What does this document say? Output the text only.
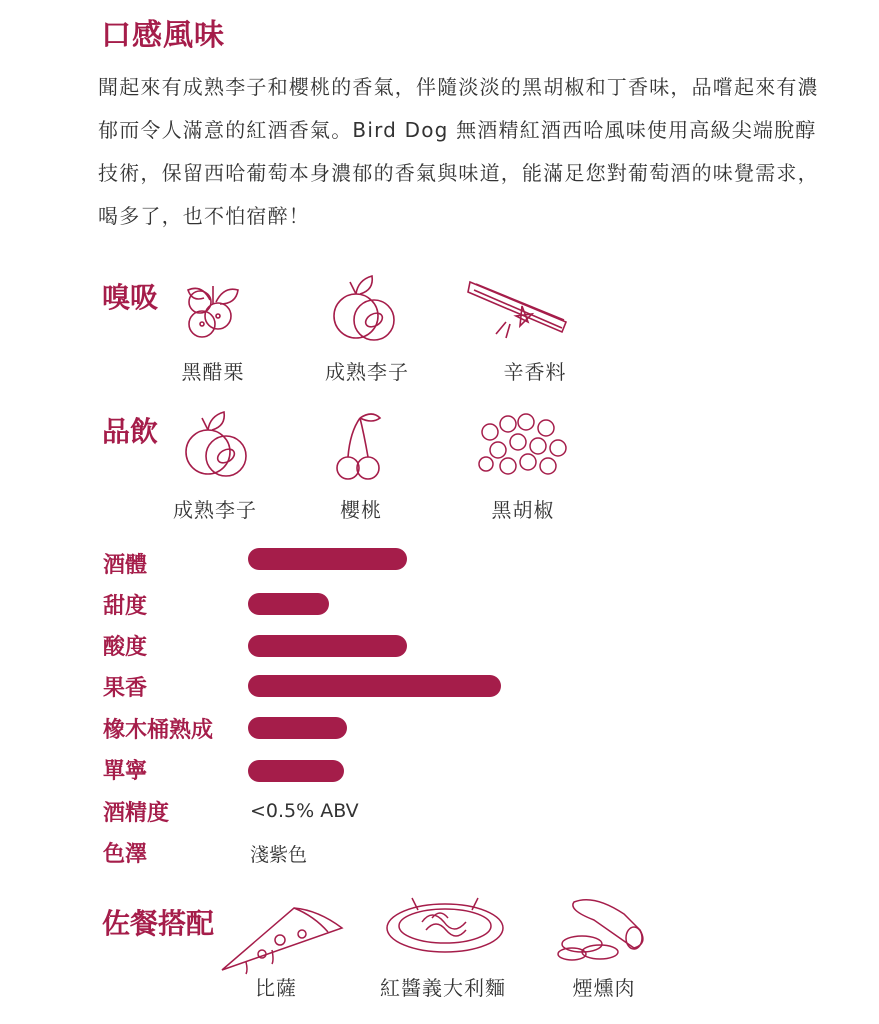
口感風味
聞起來有成熟李子和櫻桃的香氣，伴隨淡淡的黑胡椒和丁香味，品嚐起來有濃郁而令人滿意的紅酒香氣。Bird Dog 無酒精紅酒西哈風味使用高級尖端脫醇技術，保留西哈葡萄本身濃郁的香氣與味道，能滿足您對葡萄酒的味覺需求，喝多了，也不怕宿醉！
嗅吸
黑醋栗	成熟李子	辛香料
品飲
成熟李子	櫻桃	黑胡椒
酒體
甜度
酸度
果香
橡木桶熟成
單寧
酒精度	<0.5% ABV
色澤	淺紫色
佐餐搭配
比薩	紅醬義大利麵	煙燻肉
